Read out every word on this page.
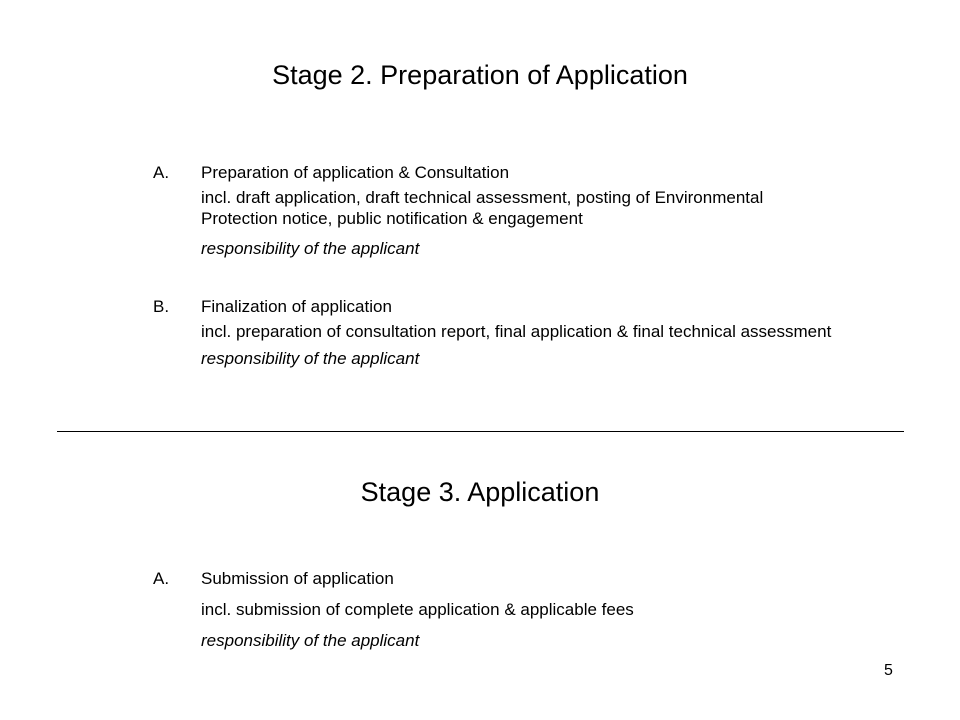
Stage 2. Preparation of Application
A.	Preparation of application & Consultation
incl. draft application, draft technical assessment, posting of Environmental Protection notice, public notification & engagement
responsibility of the applicant
B.	Finalization of application
incl. preparation of consultation report, final application & final technical assessment
responsibility of the applicant
Stage 3. Application
A.	Submission of application
incl. submission of complete application & applicable fees
responsibility of the applicant
5
